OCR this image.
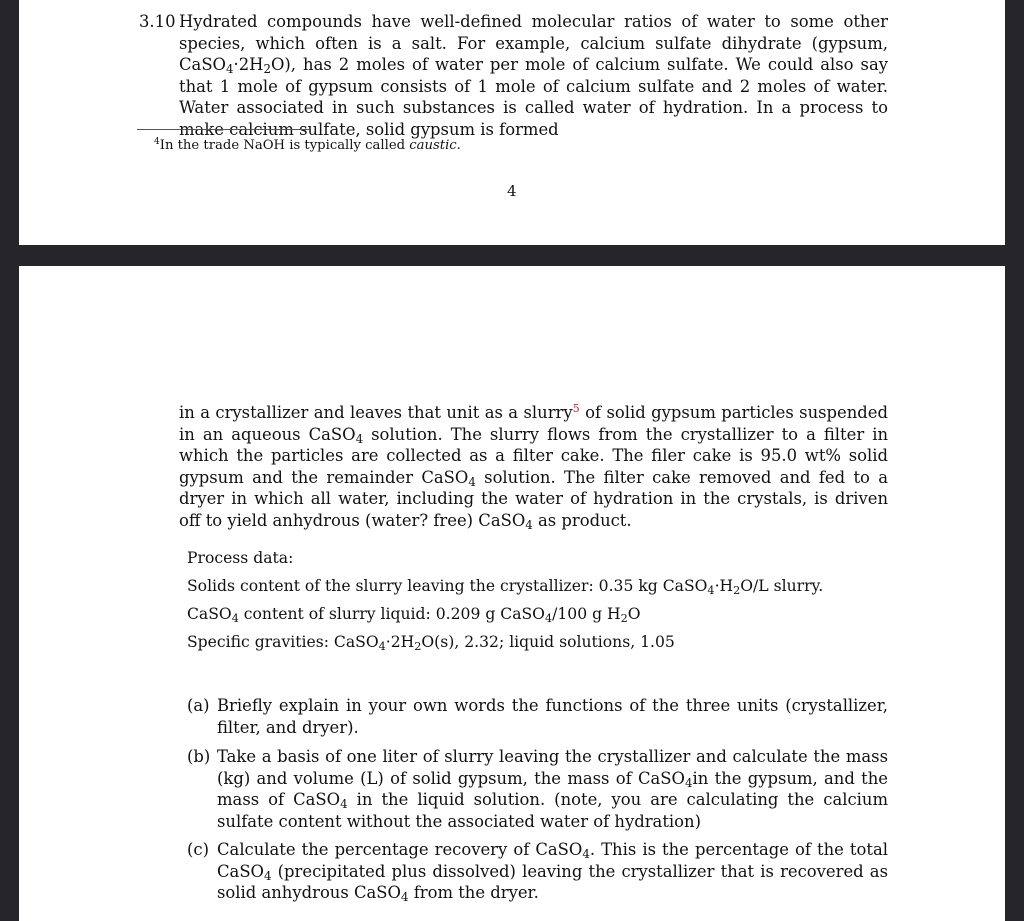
3.10 Hydrated compounds have well-defined molecular ratios of water to some other species, which often is a salt. For example, calcium sulfate dihydrate (gypsum, $CaSO_4\cdot 2H_2O$), has 2 moles of water per mole of calcium sulfate. We could also say that 1 mole of gypsum consists of 1 mole of calcium sulfate and 2 moles of water. Water associated in such substances is called water of hydration. In a process to make calcium sulfate, solid gypsum is formed

$^4$In the trade NaOH is typically called caustic.
4

in a crystallizer and leaves that unit as a slurry$^5$ of solid gypsum particles suspended in an aqueous CaSO$_4$ solution. The slurry flows from the crystallizer to a filter in which the particles are collected as a filter cake. The filer cake is 95.0 wt% solid gypsum and the remainder CaSO$_4$ solution. The filter cake removed and fed to a dryer in which all water, including the water of hydration in the crystals, is driven off to yield anhydrous (water? free) CaSO$_4$ as product.

Process data:
Solids content of the slurry leaving the crystallizer: 0.35 kg $CaSO_4\cdot H_2O/L$ slurry.
CaSO$_4$ content of slurry liquid: 0.209 g CaSO$_4$/100 g $H_2O$
Specific gravities: $CaSO_4\cdot 2H_2O(s)$, 2.32; liquid solutions, 1.05
(a) Briefly explain in your own words the functions of the three units (crystallizer, filter, and dryer).
(b) Take a basis of one liter of slurry leaving the crystallizer and calculate the mass (kg) and volume (L) of solid gypsum, the mass of CaSO$_4$in the gypsum, and the mass of CaSO$_4$ in the liquid solution. (note, you are calculating the calcium sulfate content without the associated water of hydration)
(c) Calculate the percentage recovery of CaSO$_4$. This is the percentage of the total CaSO$_4$ (precipitated plus dissolved) leaving the crystallizer that is recovered as solid anhydrous CaSO$_4$ from the dryer.
